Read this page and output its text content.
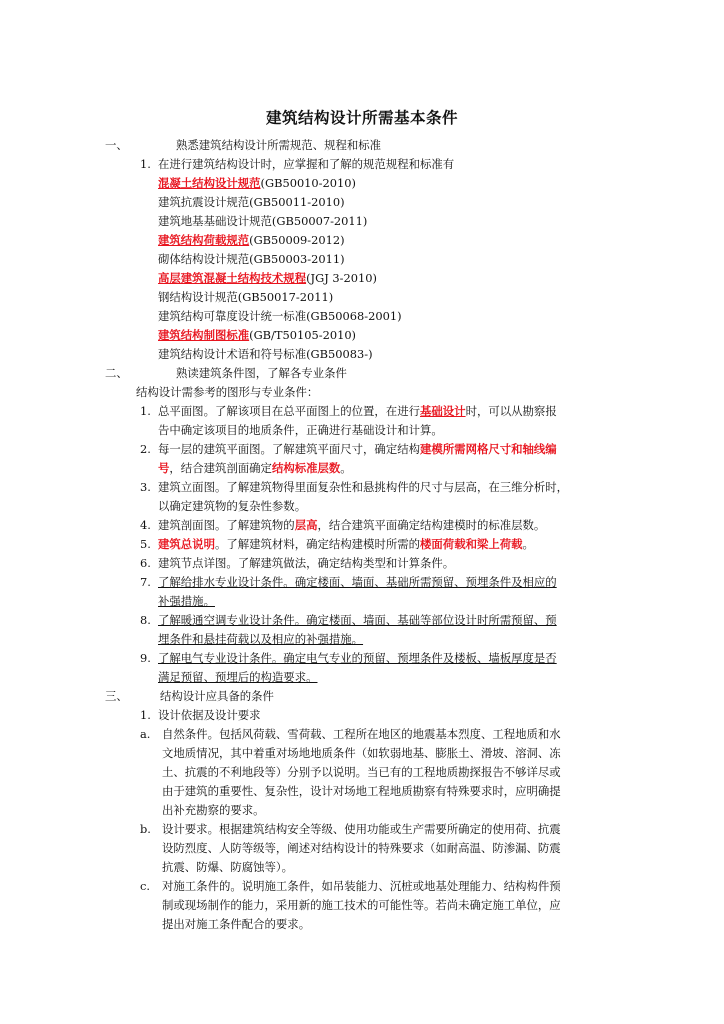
建筑结构设计所需基本条件
一、	熟悉建筑结构设计所需规范、规程和标准
1. 在进行建筑结构设计时，应掌握和了解的规范规程和标准有
混凝土结构设计规范(GB50010-2010)
建筑抗震设计规范(GB50011-2010)
建筑地基基础设计规范(GB50007-2011)
建筑结构荷载规范(GB50009-2012)
砌体结构设计规范(GB50003-2011)
高层建筑混凝土结构技术规程(JGJ 3-2010)
钢结构设计规范(GB50017-2011)
建筑结构可靠度设计统一标准(GB50068-2001)
建筑结构制图标准(GB/T50105-2010)
建筑结构设计术语和符号标准(GB50083-)
二、	熟读建筑条件图，了解各专业条件
结构设计需参考的图形与专业条件：
1. 总平面图。了解该项目在总平面图上的位置，在进行基础设计时，可以从勘察报
告中确定该项目的地质条件，正确进行基础设计和计算。
2. 每一层的建筑平面图。了解建筑平面尺寸，确定结构建模所需网格尺寸和轴线编
号，结合建筑剖面确定结构标准层数。
3. 建筑立面图。了解建筑物得里面复杂性和悬挑构件的尺寸与层高，在三维分析时，
以确定建筑物的复杂性参数。
4. 建筑剖面图。了解建筑物的层高，结合建筑平面确定结构建模时的标准层数。
5. 建筑总说明。了解建筑材料，确定结构建模时所需的楼面荷载和梁上荷载。
6. 建筑节点详图。了解建筑做法，确定结构类型和计算条件。
7. 了解给排水专业设计条件。确定楼面、墙面、基础所需预留、预埋条件及相应的
补强措施。
8. 了解暖通空调专业设计条件。确定楼面、墙面、基础等部位设计时所需预留、预
埋条件和悬挂荷载以及相应的补强措施。
9. 了解电气专业设计条件。确定电气专业的预留、预埋条件及楼板、墙板厚度是否
满足预留、预埋后的构造要求。
三、	结构设计应具备的条件
1. 设计依据及设计要求
a. 自然条件。包括风荷载、雪荷载、工程所在地区的地震基本烈度、工程地质和水
文地质情况，其中着重对场地地质条件（如软弱地基、膨胀土、滑坡、溶洞、冻
土、抗震的不利地段等）分别予以说明。当已有的工程地质勘探报告不够详尽或
由于建筑的重要性、复杂性，设计对场地工程地质勘察有特殊要求时，应明确提
出补充勘察的要求。
b. 设计要求。根据建筑结构安全等级、使用功能或生产需要所确定的使用荷、抗震
设防烈度、人防等级等，阐述对结构设计的特殊要求（如耐高温、防渗漏、防震
抗震、防爆、防腐蚀等）。
c. 对施工条件的。说明施工条件，如吊装能力、沉桩或地基处理能力、结构构件预
制或现场制作的能力，采用新的施工技术的可能性等。若尚未确定施工单位，应
提出对施工条件配合的要求。
